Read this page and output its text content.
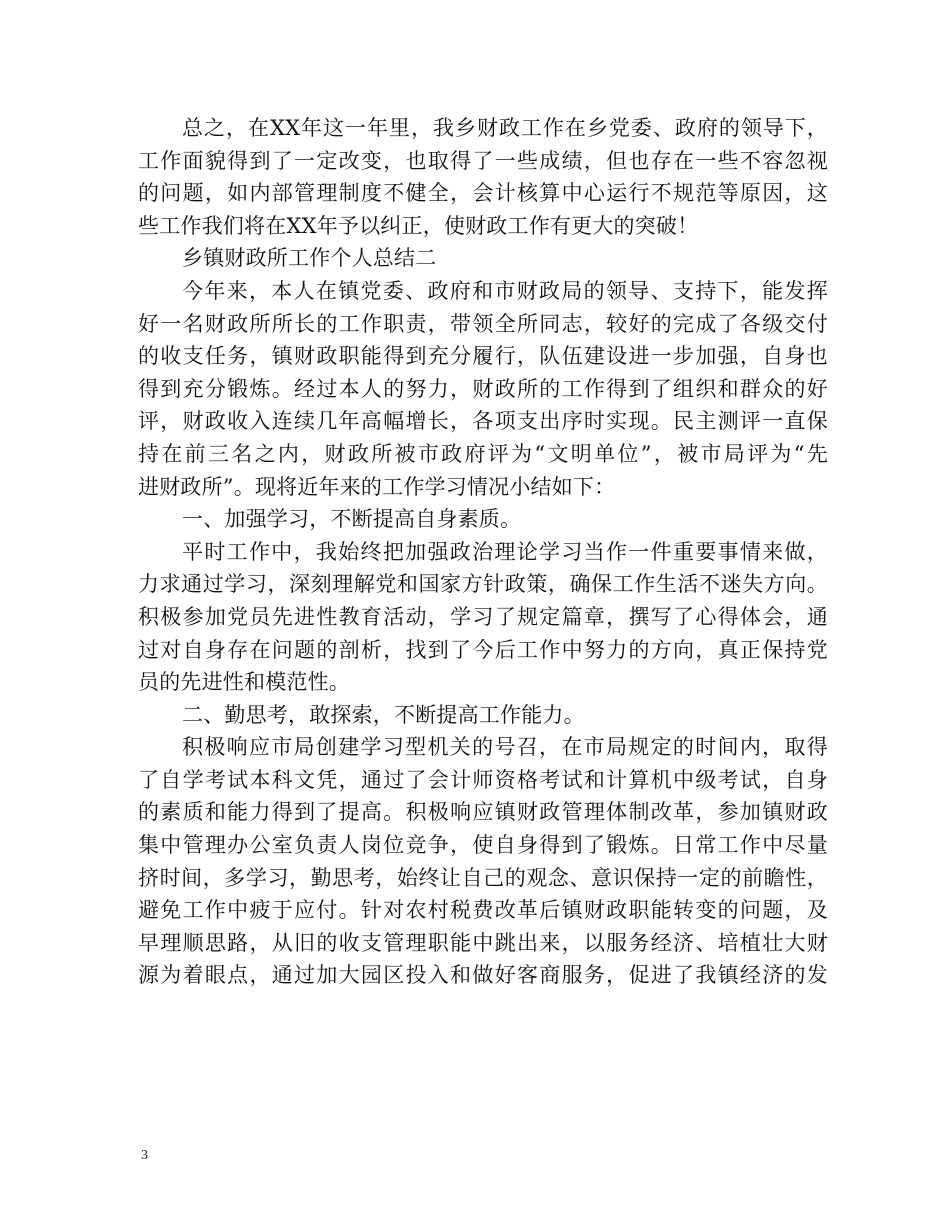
总之，在XX年这一年里，我乡财政工作在乡党委、政府的领导下，
工作面貌得到了一定改变，也取得了一些成绩，但也存在一些不容忽视
的问题，如内部管理制度不健全，会计核算中心运行不规范等原因，这
些工作我们将在XX年予以纠正，使财政工作有更大的突破！
乡镇财政所工作个人总结二
今年来，本人在镇党委、政府和市财政局的领导、支持下，能发挥
好一名财政所所长的工作职责，带领全所同志，较好的完成了各级交付
的收支任务，镇财政职能得到充分履行，队伍建设进一步加强，自身也
得到充分锻炼。经过本人的努力，财政所的工作得到了组织和群众的好
评，财政收入连续几年高幅增长，各项支出序时实现。民主测评一直保
持在前三名之内，财政所被市政府评为“文明单位”，被市局评为“先
进财政所”。现将近年来的工作学习情况小结如下：
一、加强学习，不断提高自身素质。
平时工作中，我始终把加强政治理论学习当作一件重要事情来做，
力求通过学习，深刻理解党和国家方针政策，确保工作生活不迷失方向。
积极参加党员先进性教育活动，学习了规定篇章，撰写了心得体会，通
过对自身存在问题的剖析，找到了今后工作中努力的方向，真正保持党
员的先进性和模范性。
二、勤思考，敢探索，不断提高工作能力。
积极响应市局创建学习型机关的号召，在市局规定的时间内，取得
了自学考试本科文凭，通过了会计师资格考试和计算机中级考试，自身
的素质和能力得到了提高。积极响应镇财政管理体制改革，参加镇财政
集中管理办公室负责人岗位竞争，使自身得到了锻炼。日常工作中尽量
挤时间，多学习，勤思考，始终让自己的观念、意识保持一定的前瞻性，
避免工作中疲于应付。针对农村税费改革后镇财政职能转变的问题，及
早理顺思路，从旧的收支管理职能中跳出来，以服务经济、培植壮大财
源为着眼点，通过加大园区投入和做好客商服务，促进了我镇经济的发
3
